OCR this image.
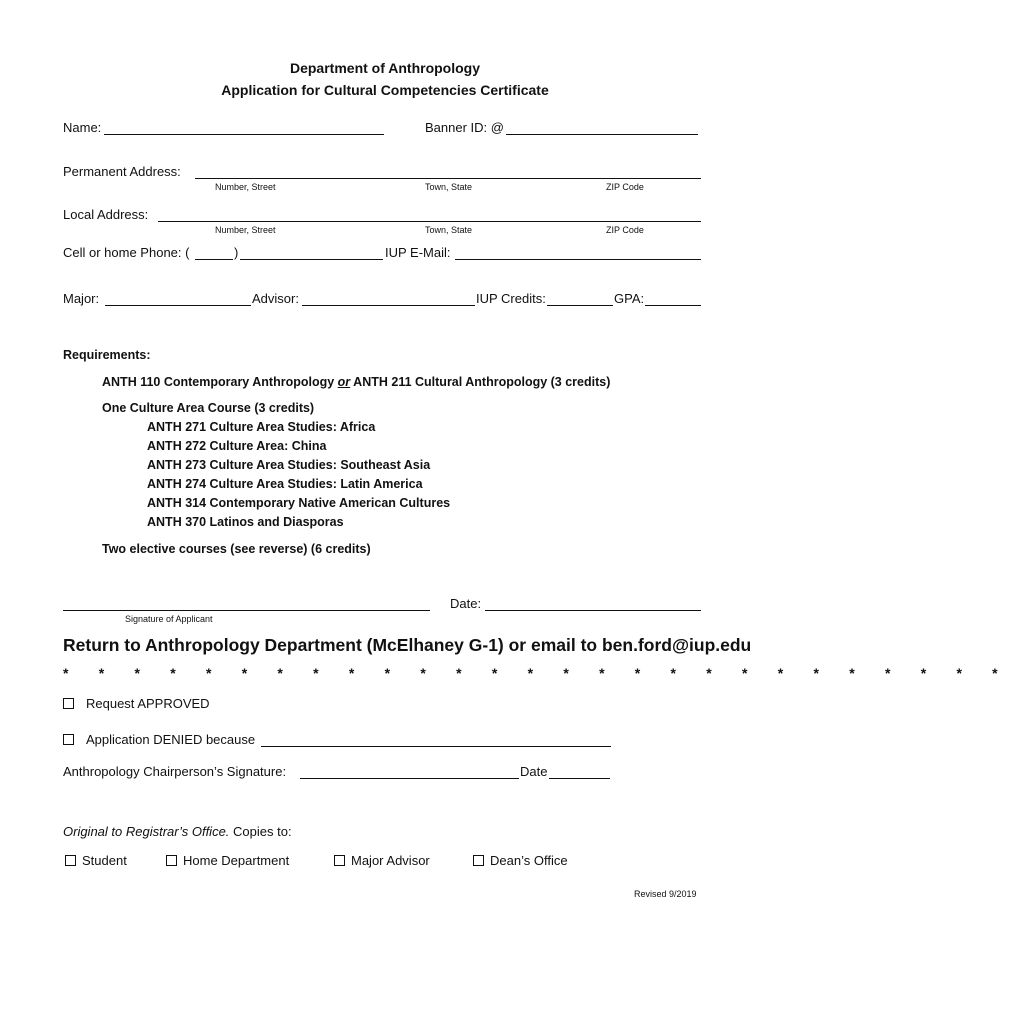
Department of Anthropology
Application for Cultural Competencies Certificate
Name:	Banner ID: @
Permanent Address:
Number, Street	Town, State	ZIP Code
Local Address:
Number, Street	Town, State	ZIP Code
Cell or home Phone: (	)	IUP E-Mail:
Major:	Advisor:	IUP Credits:	GPA:
Requirements:
ANTH 110 Contemporary Anthropology or ANTH 211 Cultural Anthropology (3 credits)
One Culture Area Course (3 credits)
ANTH 271 Culture Area Studies: Africa
ANTH 272 Culture Area: China
ANTH 273 Culture Area Studies: Southeast Asia
ANTH 274 Culture Area Studies: Latin America
ANTH 314 Contemporary Native American Cultures
ANTH 370 Latinos and Diasporas
Two elective courses (see reverse) (6 credits)
Signature of Applicant
Date:
Return to Anthropology Department (McElhaney G-1) or email to ben.ford@iup.edu
* * * * * * * * * * * * * * * * * * * * * * * * * * *
Request APPROVED
Application DENIED because
Anthropology Chairperson’s Signature:	Date
Original to Registrar’s Office. Copies to:
Student	Home Department	Major Advisor	Dean’s Office
Revised 9/2019
